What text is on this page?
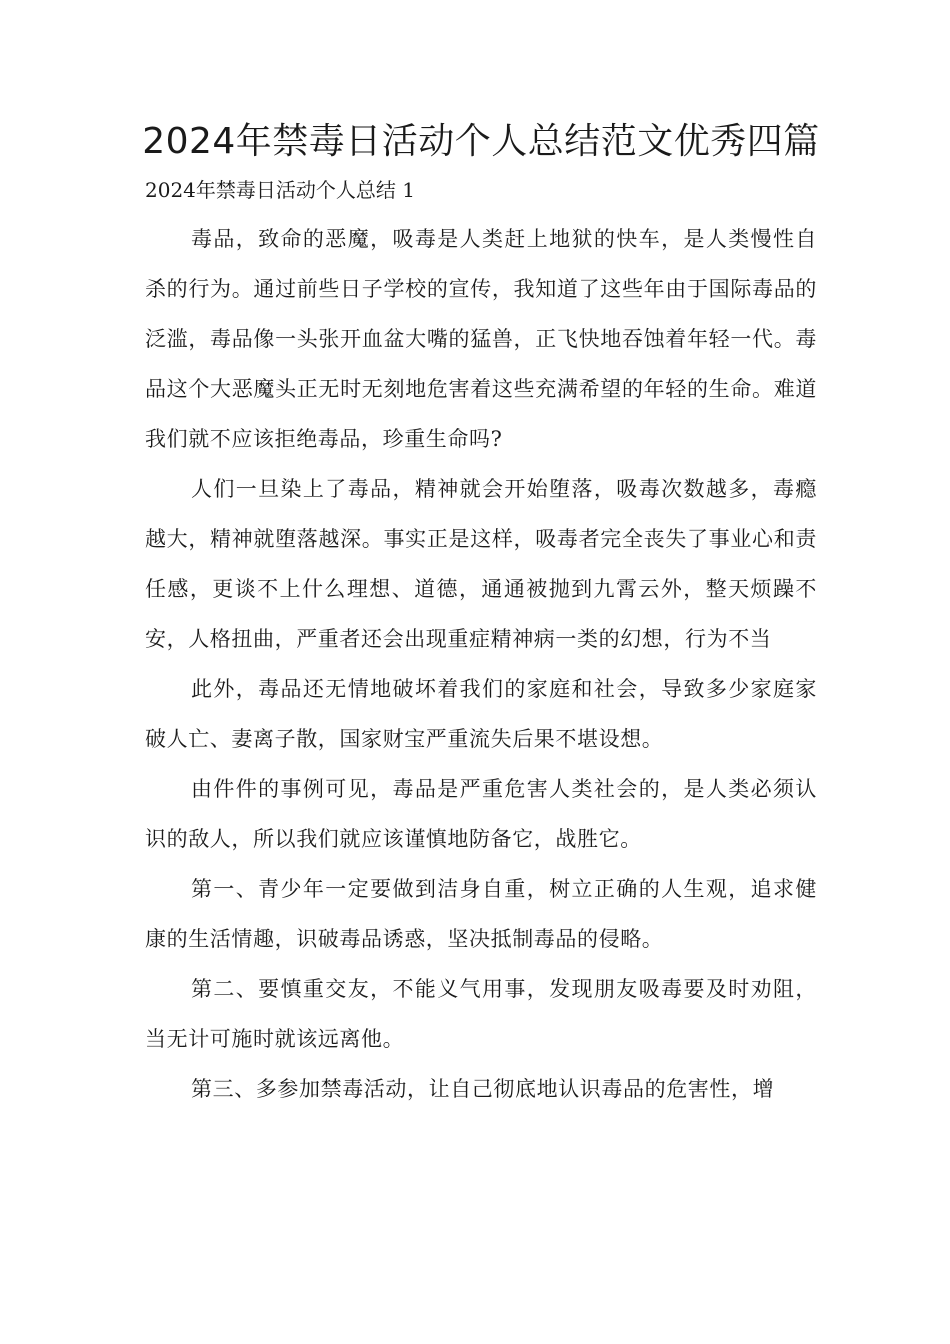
2024年禁毒日活动个人总结范文优秀四篇
2024年禁毒日活动个人总结 1

毒品，致命的恶魔，吸毒是人类赶上地狱的快车，是人类慢性自杀的行为。通过前些日子学校的宣传，我知道了这些年由于国际毒品的泛滥，毒品像一头张开血盆大嘴的猛兽，正飞快地吞蚀着年轻一代。毒品这个大恶魔头正无时无刻地危害着这些充满希望的年轻的生命。难道我们就不应该拒绝毒品，珍重生命吗?

人们一旦染上了毒品，精神就会开始堕落，吸毒次数越多，毒瘾越大，精神就堕落越深。事实正是这样，吸毒者完全丧失了事业心和责任感，更谈不上什么理想、道德，通通被抛到九霄云外，整天烦躁不安，人格扭曲，严重者还会出现重症精神病一类的幻想，行为不当

此外，毒品还无情地破坏着我们的家庭和社会，导致多少家庭家破人亡、妻离子散，国家财宝严重流失后果不堪设想。

由件件的事例可见，毒品是严重危害人类社会的，是人类必须认识的敌人，所以我们就应该谨慎地防备它，战胜它。

第一、青少年一定要做到洁身自重，树立正确的人生观，追求健康的生活情趣，识破毒品诱惑，坚决抵制毒品的侵略。

第二、要慎重交友，不能义气用事，发现朋友吸毒要及时劝阻，当无计可施时就该远离他。

第三、多参加禁毒活动，让自己彻底地认识毒品的危害性，增
